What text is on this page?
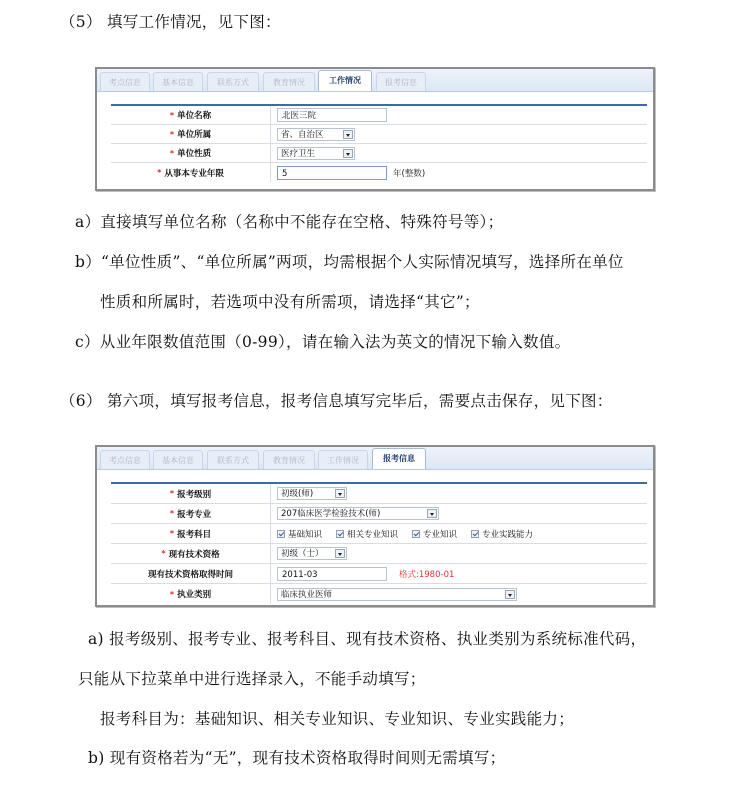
（5） 填写工作情况，见下图：
考点信息	基本信息	联系方式	教育情况	工作情况	报考信息
* 单位名称	北医三院
* 单位所属	省、自治区
* 单位性质	医疗卫生
* 从事本专业年限	5	年(整数)
a）直接填写单位名称（名称中不能存在空格、特殊符号等）；
b）“单位性质”、“单位所属”两项，均需根据个人实际情况填写，选择所在单位
性质和所属时，若选项中没有所需项，请选择“其它”；
c）从业年限数值范围（0-99），请在输入法为英文的情况下输入数值。
（6） 第六项，填写报考信息，报考信息填写完毕后，需要点击保存，见下图：
考点信息	基本信息	联系方式	教育情况	工作情况	报考信息
* 报考级别	初级(师)
* 报考专业	207临床医学检验技术(师)
* 报考科目	基础知识	相关专业知识	专业知识	专业实践能力
* 现有技术资格	初级（士）
现有技术资格取得时间	2011-03	格式:1980-01
* 执业类别	临床执业医师
a) 报考级别、报考专业、报考科目、现有技术资格、执业类别为系统标准代码，
只能从下拉菜单中进行选择录入，不能手动填写；
报考科目为：基础知识、相关专业知识、专业知识、专业实践能力；
b) 现有资格若为“无”，现有技术资格取得时间则无需填写；
